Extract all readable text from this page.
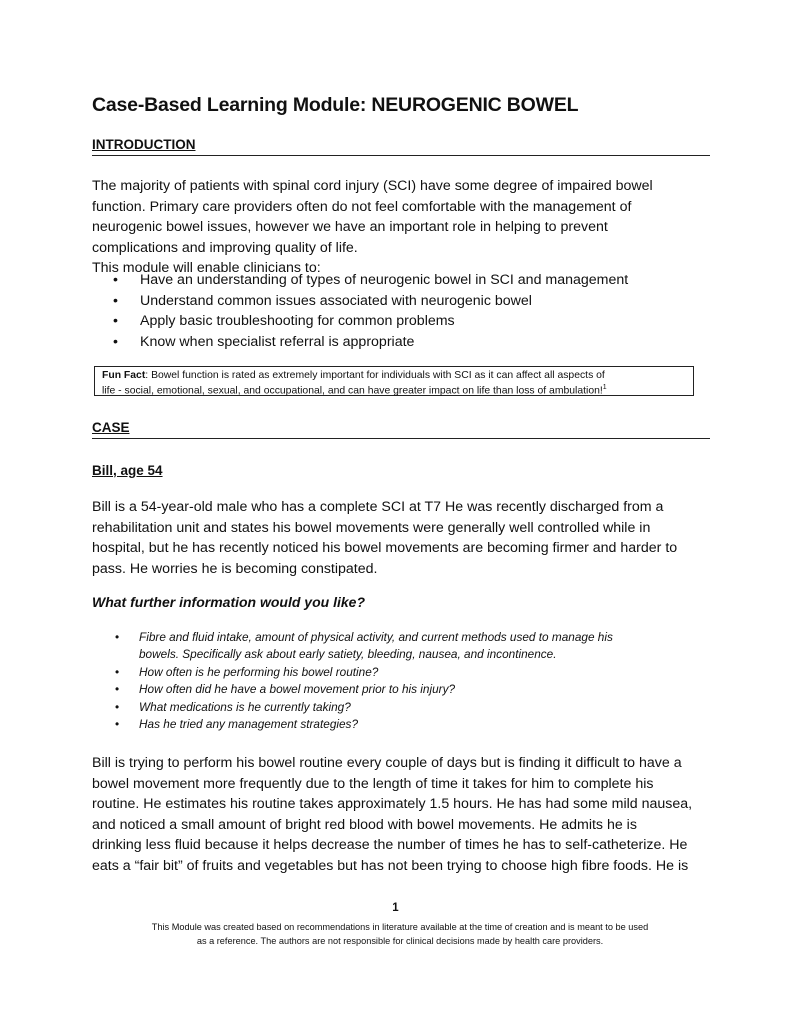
Case-Based Learning Module: NEUROGENIC BOWEL
INTRODUCTION

The majority of patients with spinal cord injury (SCI) have some degree of impaired bowel
function. Primary care providers often do not feel comfortable with the management of
neurogenic bowel issues, however we have an important role in helping to prevent
complications and improving quality of life.
This module will enable clinicians to:

• Have an understanding of types of neurogenic bowel in SCI and management
• Understand common issues associated with neurogenic bowel
• Apply basic troubleshooting for common problems
• Know when specialist referral is appropriate
Fun Fact: Bowel function is rated as extremely important for individuals with SCI as it can affect all aspects of
life - social, emotional, sexual, and occupational, and can have greater impact on life than loss of ambulation!$^1$
CASE
Bill, age 54

Bill is a 54-year-old male who has a complete SCI at T7 He was recently discharged from a
rehabilitation unit and states his bowel movements were generally well controlled while in
hospital, but he has recently noticed his bowel movements are becoming firmer and harder to
pass. He worries he is becoming constipated.

What further information would you like?
• Fibre and fluid intake, amount of physical activity, and current methods used to manage his
bowels. Specifically ask about early satiety, bleeding, nausea, and incontinence.
• How often is he performing his bowel routine?
• How often did he have a bowel movement prior to his injury?
• What medications is he currently taking?
• Has he tried any management strategies?

Bill is trying to perform his bowel routine every couple of days but is finding it difficult to have a
bowel movement more frequently due to the length of time it takes for him to complete his
routine. He estimates his routine takes approximately 1.5 hours. He has had some mild nausea,
and noticed a small amount of bright red blood with bowel movements. He admits he is
drinking less fluid because it helps decrease the number of times he has to self-catheterize. He
eats a “fair bit” of fruits and vegetables but has not been trying to choose high fibre foods. He is

1
This Module was created based on recommendations in literature available at the time of creation and is meant to be used
as a reference. The authors are not responsible for clinical decisions made by health care providers.
